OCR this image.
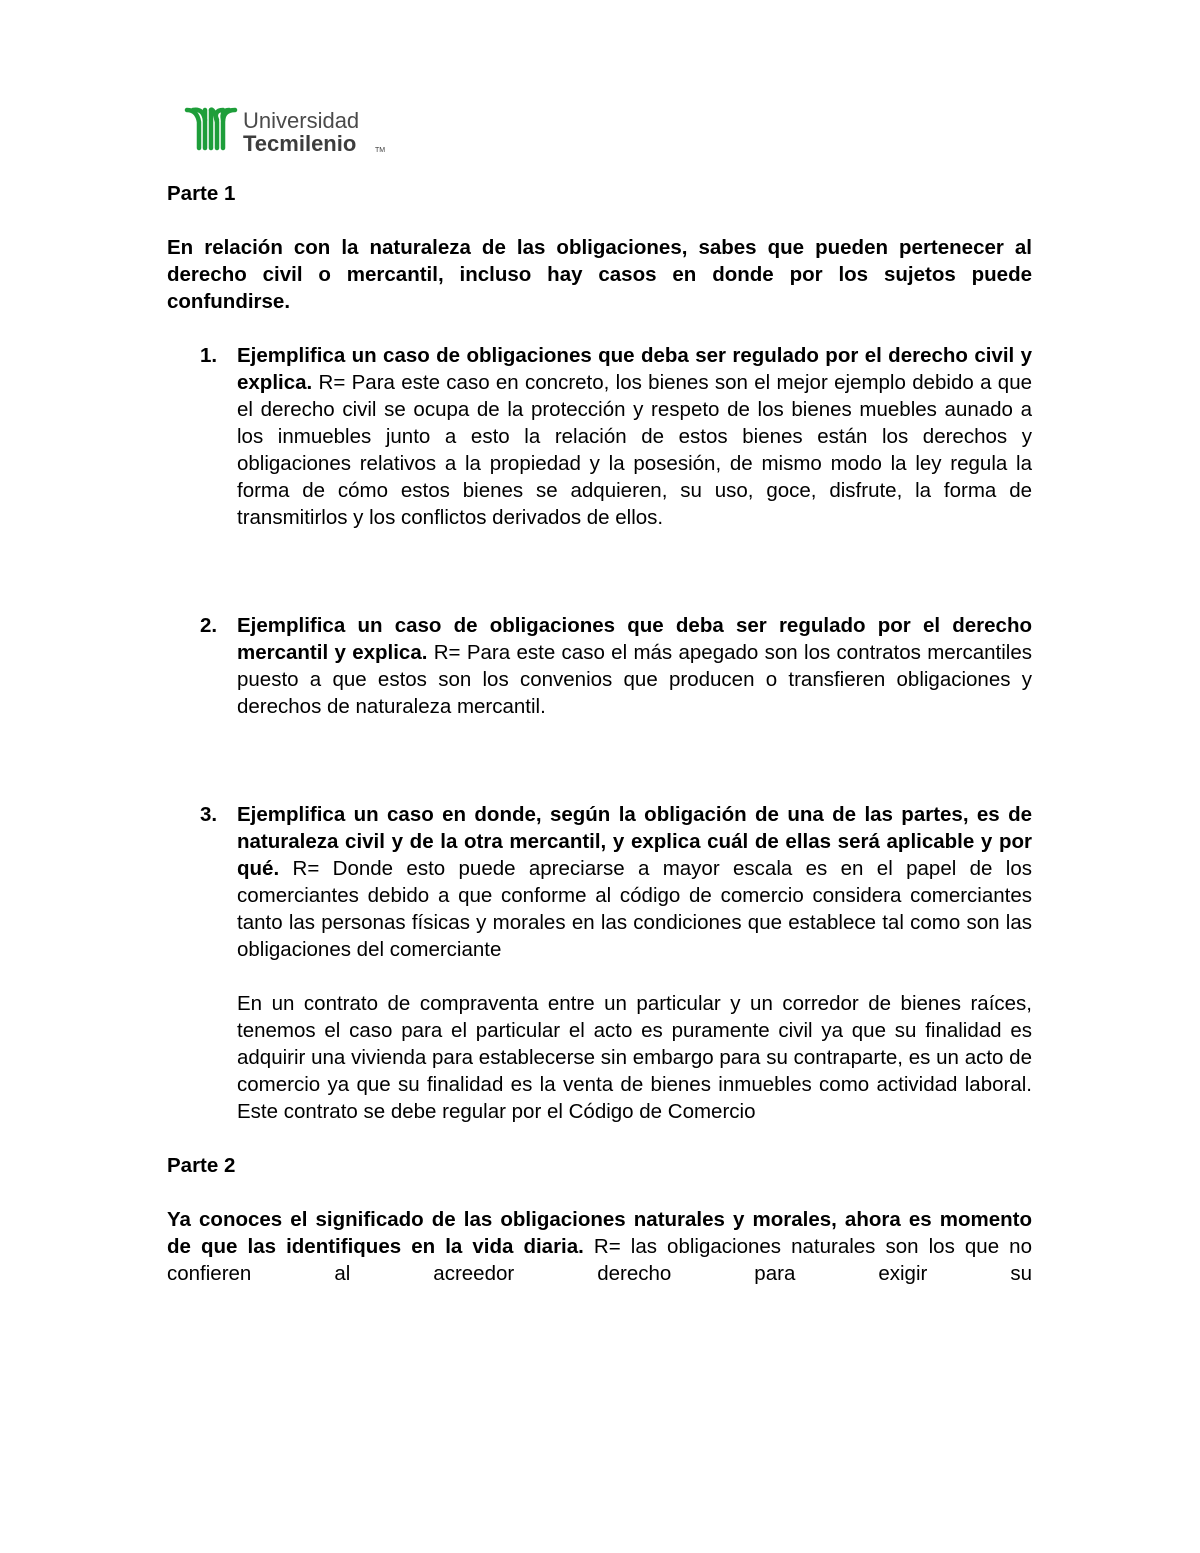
Universidad
Tecmilenio	TM

Parte 1

En relación con la naturaleza de las obligaciones, sabes que pueden pertenecer al derecho civil o mercantil, incluso hay casos en donde por los sujetos puede confundirse.

1. Ejemplifica un caso de obligaciones que deba ser regulado por el derecho civil y explica. R= Para este caso en concreto, los bienes son el mejor ejemplo debido a que el derecho civil se ocupa de la protección y respeto de los bienes muebles aunado a los inmuebles junto a esto la relación de estos bienes están los derechos y obligaciones relativos a la propiedad y la posesión, de mismo modo la ley regula la forma de cómo estos bienes se adquieren, su uso, goce, disfrute, la forma de transmitirlos y los conflictos derivados de ellos.
2. Ejemplifica un caso de obligaciones que deba ser regulado por el derecho mercantil y explica. R= Para este caso el más apegado son los contratos mercantiles puesto a que estos son los convenios que producen o transfieren obligaciones y derechos de naturaleza mercantil.
3. Ejemplifica un caso en donde, según la obligación de una de las partes, es de naturaleza civil y de la otra mercantil, y explica cuál de ellas será aplicable y por qué. R= Donde esto puede apreciarse a mayor escala es en el papel de los comerciantes debido a que conforme al código de comercio considera comerciantes tanto las personas físicas y morales en las condiciones que establece tal como son las obligaciones del comerciante

En un contrato de compraventa entre un particular y un corredor de bienes raíces, tenemos el caso para el particular el acto es puramente civil ya que su finalidad es adquirir una vivienda para establecerse sin embargo para su contraparte, es un acto de comercio ya que su finalidad es la venta de bienes inmuebles como actividad laboral. Este contrato se debe regular por el Código de Comercio

Parte 2

Ya conoces el significado de las obligaciones naturales y morales, ahora es momento de que las identifiques en la vida diaria. R= las obligaciones naturales son los que no confieren al acreedor derecho para exigir su
